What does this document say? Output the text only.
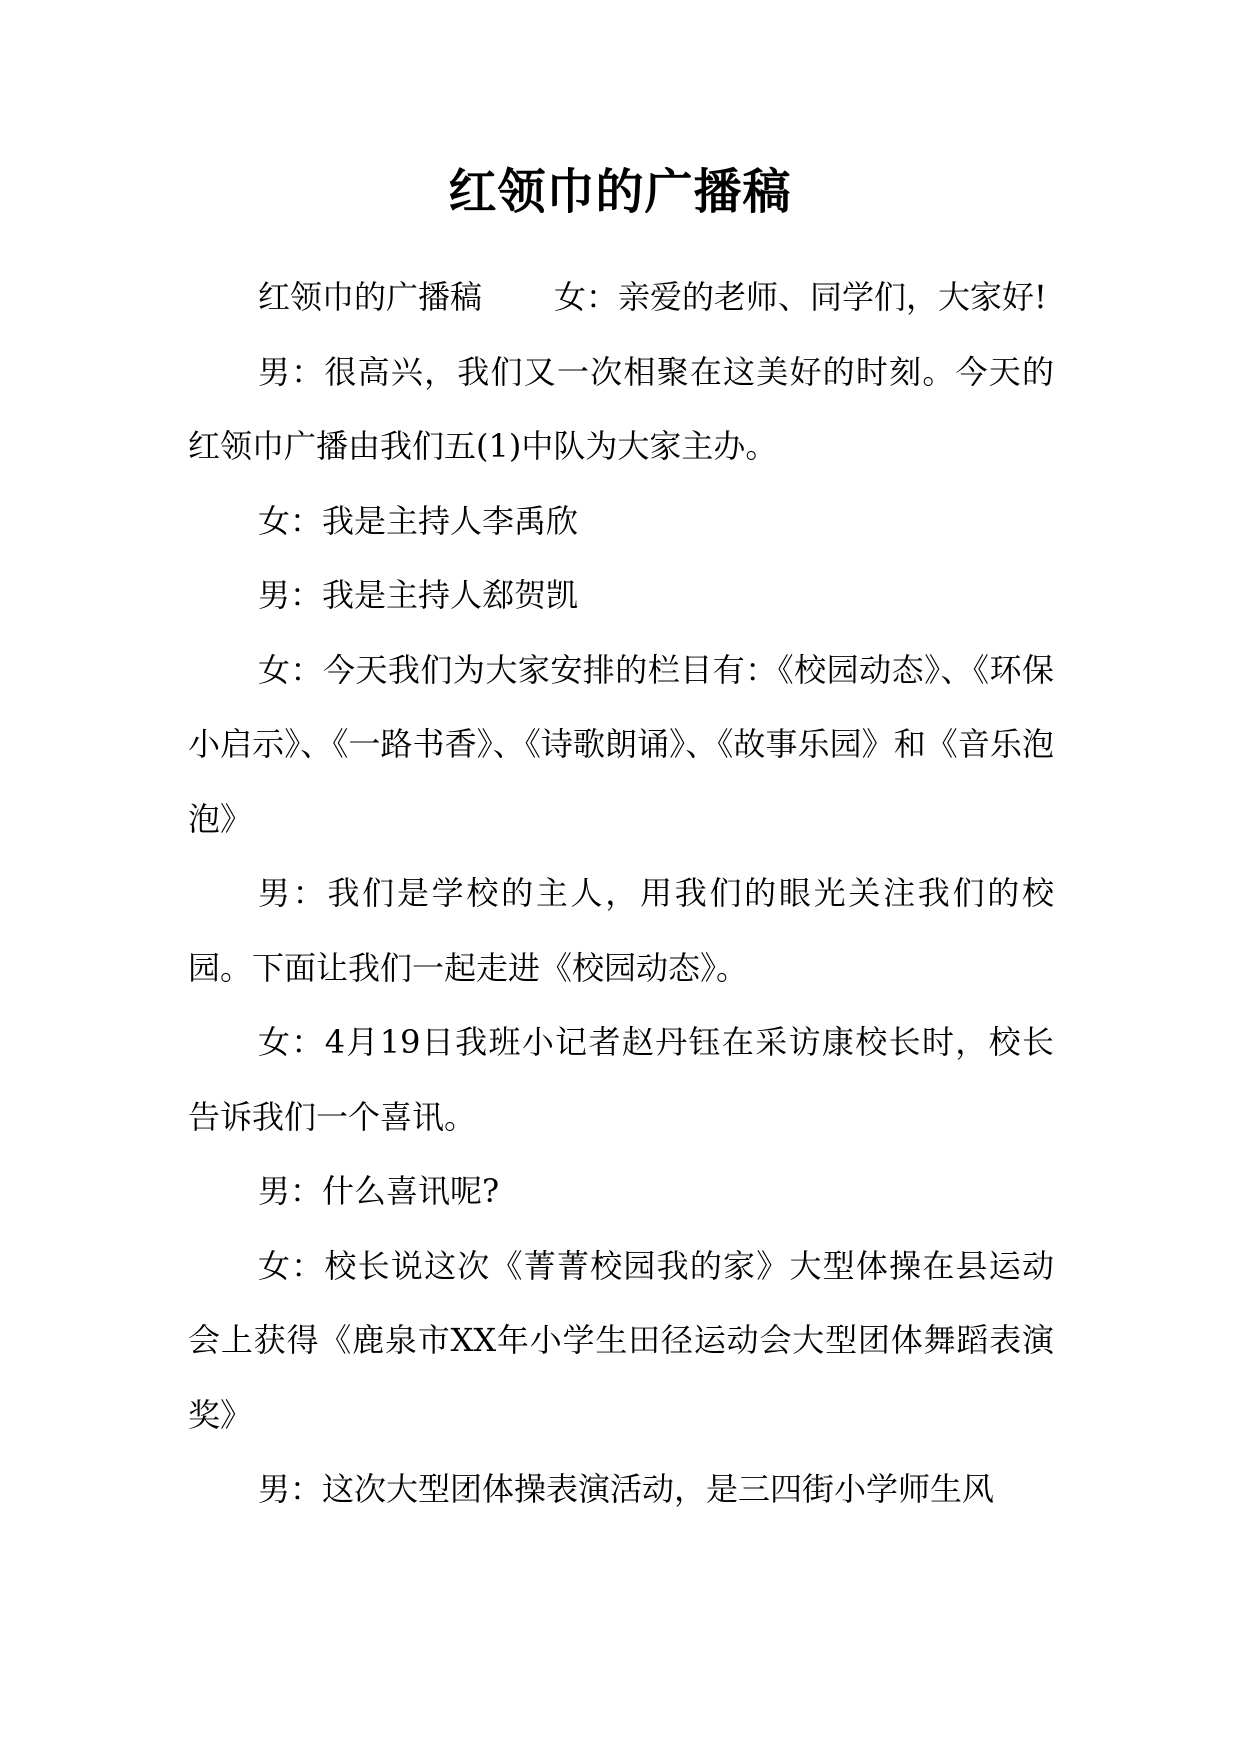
红领巾的广播稿

红领巾的广播稿 女：亲爱的老师、同学们，大家好!

男：很高兴，我们又一次相聚在这美好的时刻。今天的红领巾广播由我们五(1)中队为大家主办。

女：我是主持人李禹欣

男：我是主持人郄贺凯

女：今天我们为大家安排的栏目有：《校园动态》、《环保小启示》、《一路书香》、《诗歌朗诵》、《故事乐园》和《音乐泡泡》

男：我们是学校的主人，用我们的眼光关注我们的校园。下面让我们一起走进《校园动态》。

女：4月19日我班小记者赵丹钰在采访康校长时，校长告诉我们一个喜讯。

男：什么喜讯呢?

女：校长说这次《菁菁校园我的家》大型体操在县运动会上获得《鹿泉市XX年小学生田径运动会大型团体舞蹈表演奖》

男：这次大型团体操表演活动，是三四街小学师生风
